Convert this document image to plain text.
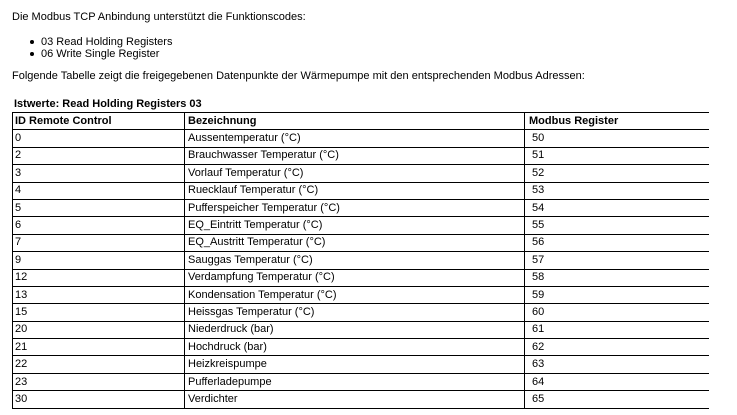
Die Modbus TCP Anbindung unterstützt die Funktionscodes:
03 Read Holding Registers
06 Write Single Register
Folgende Tabelle zeigt die freigegebenen Datenpunkte der Wärmepumpe mit den entsprechenden Modbus Adressen:
Istwerte: Read Holding Registers 03
ID Remote Control	Bezeichnung	Modbus Register
0	Aussentemperatur (°C)	50
2	Brauchwasser Temperatur (°C)	51
3	Vorlauf Temperatur (°C)	52
4	Ruecklauf Temperatur (°C)	53
5	Pufferspeicher Temperatur (°C)	54
6	EQ_Eintritt Temperatur (°C)	55
7	EQ_Austritt Temperatur (°C)	56
9	Sauggas Temperatur (°C)	57
12	Verdampfung Temperatur (°C)	58
13	Kondensation Temperatur (°C)	59
15	Heissgas Temperatur (°C)	60
20	Niederdruck (bar)	61
21	Hochdruck (bar)	62
22	Heizkreispumpe	63
23	Pufferladepumpe	64
30	Verdichter	65
